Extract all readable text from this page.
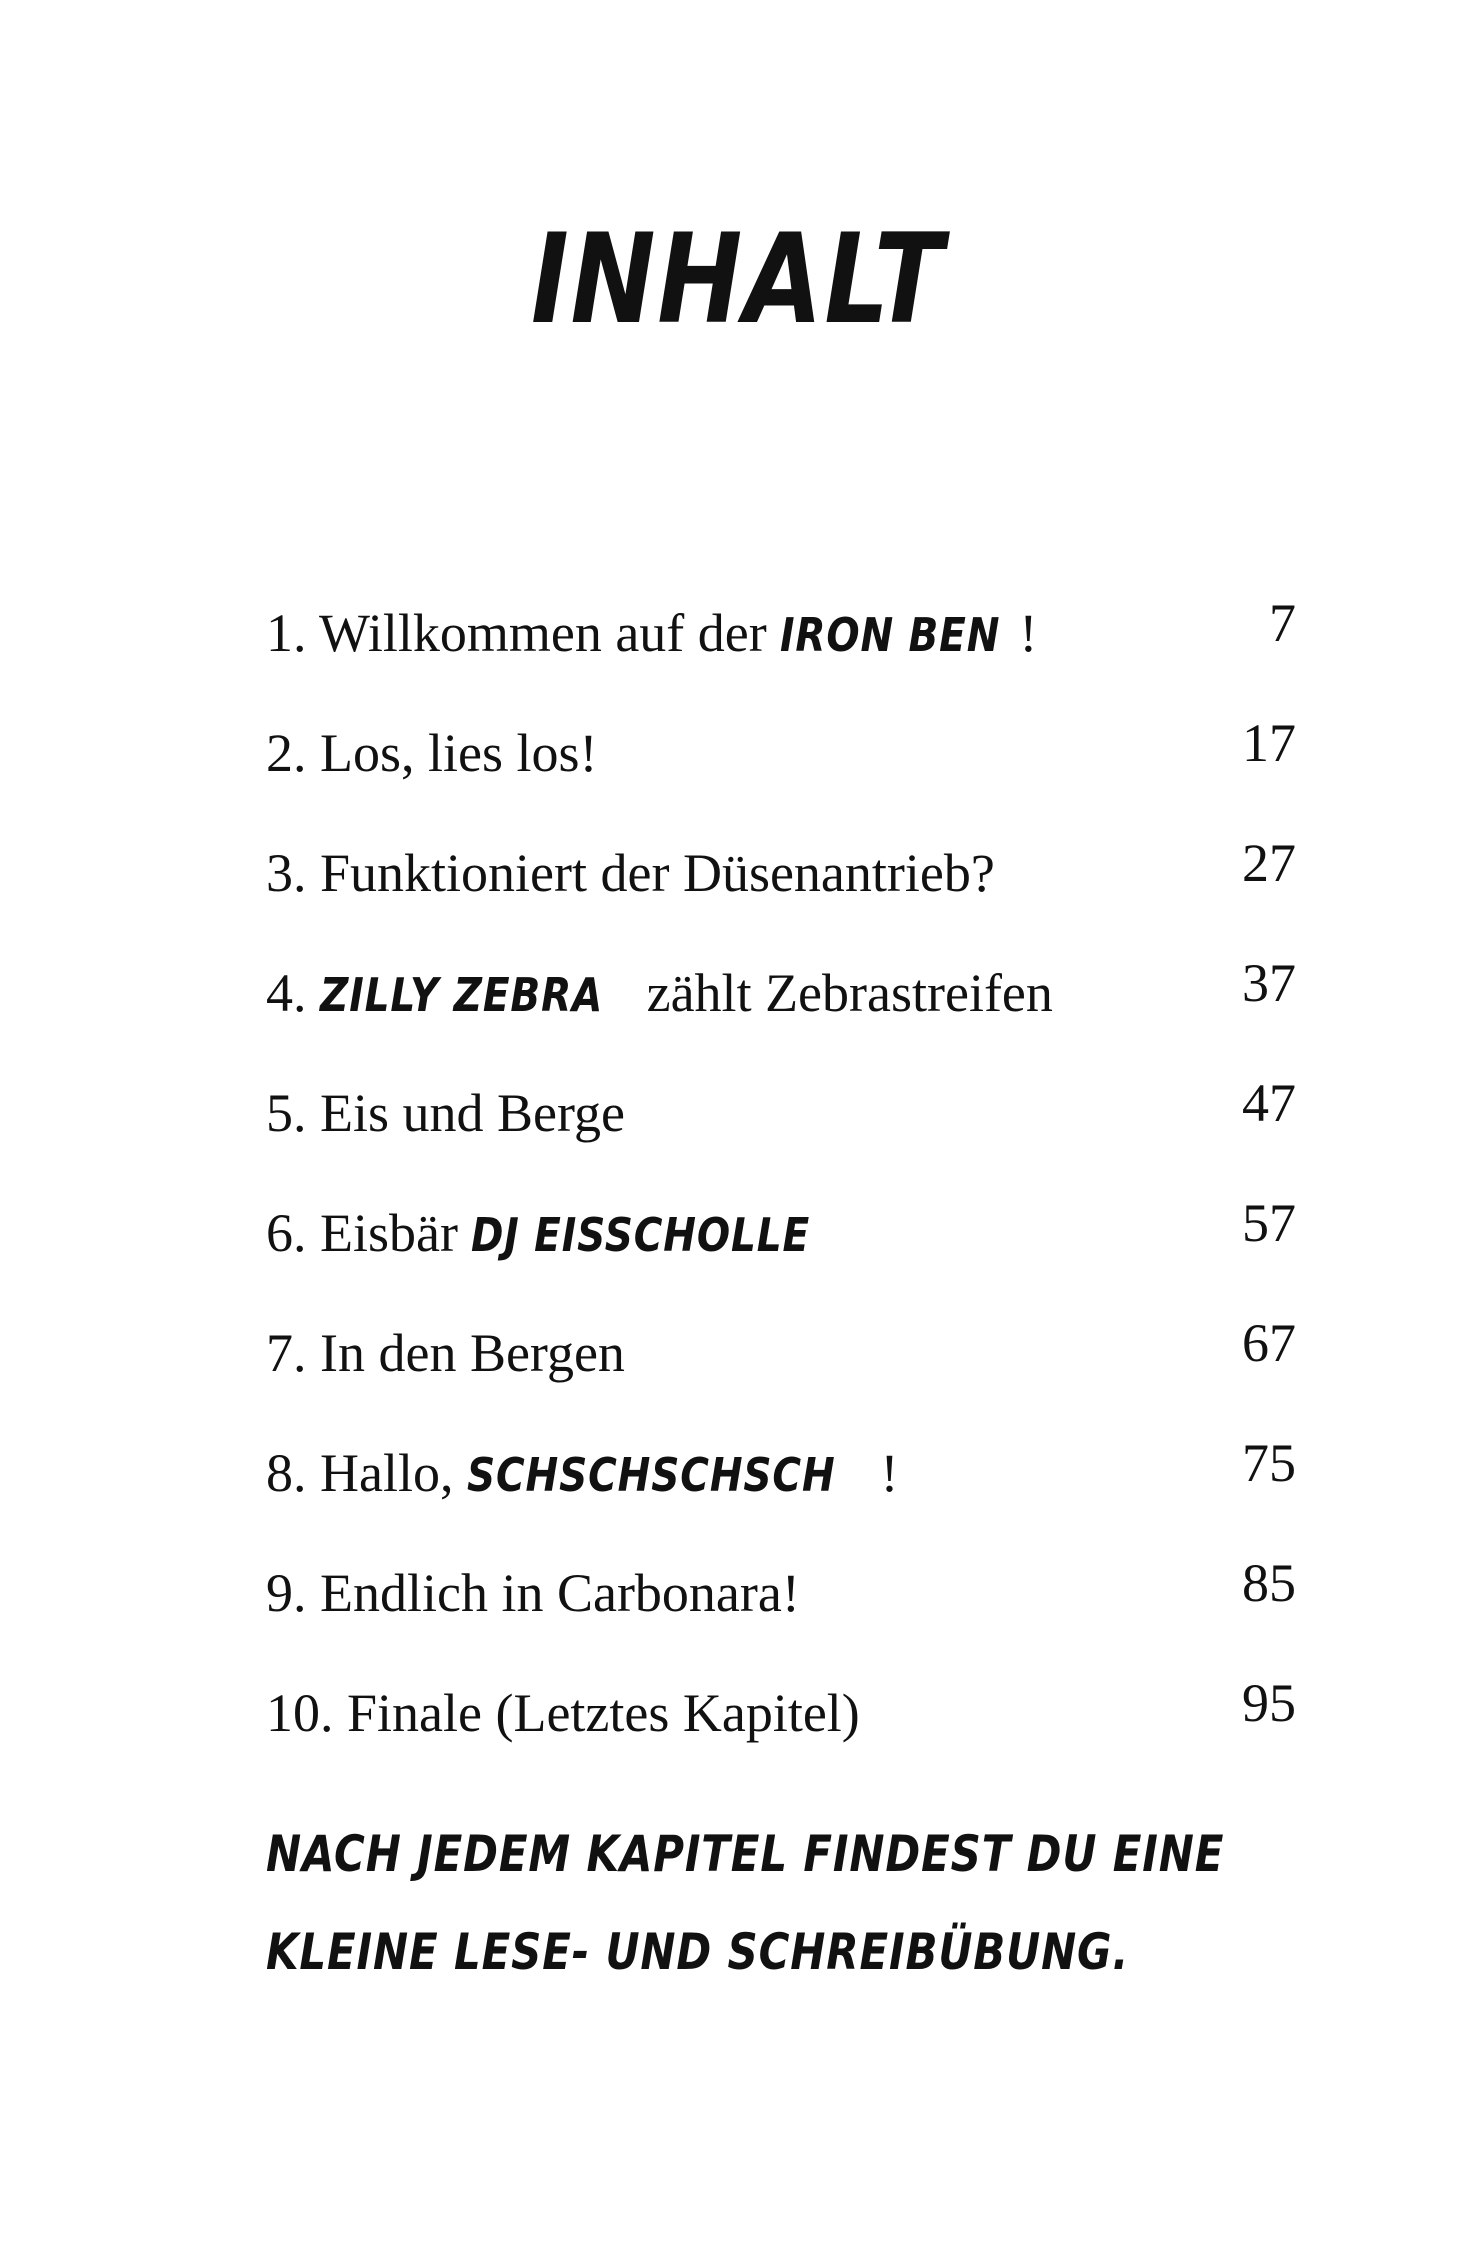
INHALT
1. Willkommen auf der IRON BEN !	7
2. Los, lies los!	17
3. Funktioniert der Düsenantrieb?	27
4. ZILLY ZEBRA zählt Zebrastreifen	37
5. Eis und Berge	47
6. Eisbär DJ EISSCHOLLE	57
7. In den Bergen	67
8. Hallo, SCHSCHSCHSCH !	75
9. Endlich in Carbonara!	85
10. Finale (Letztes Kapitel)	95
NACH JEDEM KAPITEL FINDEST DU EINE
KLEINE LESE- UND SCHREIBÜBUNG.
